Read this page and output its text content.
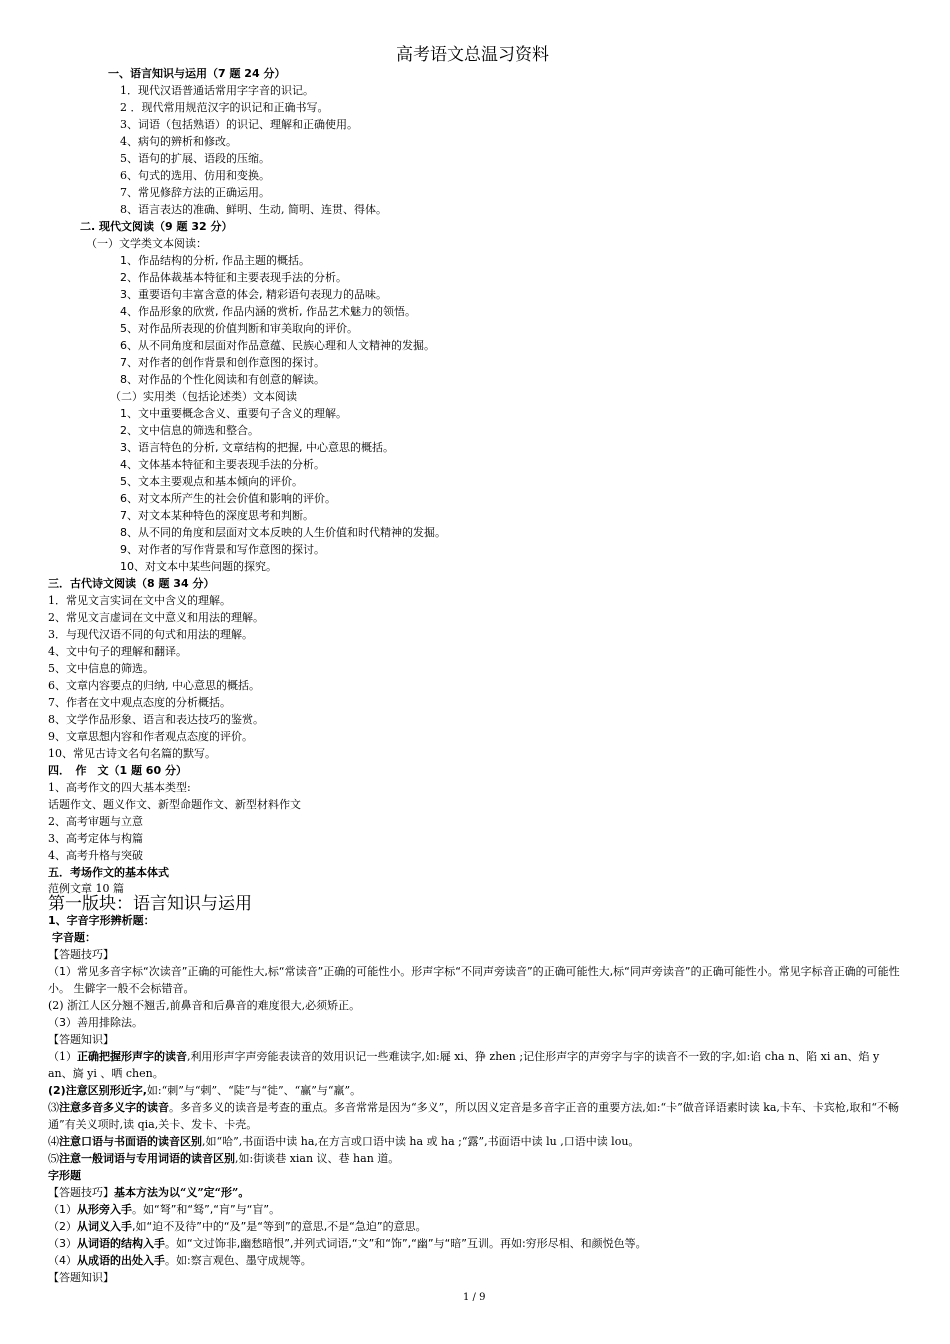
高考语文总温习资料
一、语言知识与运用（7 题 24 分）
1．现代汉语普通话常用字字音的识记。
2 ．现代常用规范汉字的识记和正确书写。
3、词语（包括熟语）的识记、理解和正确使用。
4、病句的辨析和修改。
5、语句的扩展、语段的压缩。
6、句式的选用、仿用和变换。
7、常见修辞方法的正确运用。
8、语言表达的准确、鲜明、生动, 简明、连贯、得体。
二. 现代文阅读（9 题 32 分）
（一）文学类文本阅读：
1、作品结构的分析, 作品主题的概括。
2、作品体裁基本特征和主要表现手法的分析。
3、重要语句丰富含意的体会, 精彩语句表现力的品味。
4、作品形象的欣赏, 作品内涵的赏析, 作品艺术魅力的领悟。
5、对作品所表现的价值判断和审美取向的评价。
6、从不同角度和层面对作品意蕴、民族心理和人文精神的发掘。
7、对作者的创作背景和创作意图的探讨。
8、对作品的个性化阅读和有创意的解读。
（二）实用类（包括论述类）文本阅读
1、文中重要概念含义、重要句子含义的理解。
2、文中信息的筛选和整合。
3、语言特色的分析, 文章结构的把握, 中心意思的概括。
4、文体基本特征和主要表现手法的分析。
5、文本主要观点和基本倾向的评价。
6、对文本所产生的社会价值和影响的评价。
7、对文本某种特色的深度思考和判断。
8、从不同的角度和层面对文本反映的人生价值和时代精神的发掘。
9、对作者的写作背景和写作意图的探讨。
10、对文本中某些问题的探究。
三．古代诗文阅读（8 题 34 分）
1．常见文言实词在文中含义的理解。
2、常见文言虚词在文中意义和用法的理解。
3．与现代汉语不同的句式和用法的理解。
4、文中句子的理解和翻译。
5、文中信息的筛选。
6、文章内容要点的归纳, 中心意思的概括。
7、作者在文中观点态度的分析概括。
8、文学作品形象、语言和表达技巧的鉴赏。
9、文章思想内容和作者观点态度的评价。
10、常见古诗文名句名篇的默写。
四．　作　文（1 题 60 分）
1、高考作文的四大基本类型:
话题作文、题义作文、新型命题作文、新型材料作文
2、高考审题与立意
3、高考定体与构篇
4、高考升格与突破
五．考场作文的基本体式
范例文章 10 篇
第一版块：语言知识与运用
1、字音字形辨析题：
字音题：
【答题技巧】
（1）常见多音字标“次读音”正确的可能性大,标“常读音”正确的可能性小。形声字标“不同声旁读音”的正确可能性大,标“同声旁读音”的正确可能性小。常见字标音正确的可能性小。 生僻字一般不会标错音。
(2) 浙江人区分翘不翘舌,前鼻音和后鼻音的难度很大,必须矫正。
（3）善用排除法。
【答题知识】
（1）正确把握形声字的读音,利用形声字声旁能表读音的效用识记一些难读字,如:屣 xi、狰 zhen ;记住形声字的声旁字与字的读音不一致的字,如:谄 cha n、陷 xi an、焰 y an、旖 yi 、哂 chen。
(2)注意区别形近字,如:“刺”与“剌”、“陡”与“徙”、“赢”与“羸”。
⑶注意多音多义字的读音。多音多义的读音是考查的重点。多音常常是因为“多义”，所以因义定音是多音字正音的重要方法,如:“卡”做音译语素时读 ka,卡车、卡宾枪,取和“不畅通”有关义项时,读 qia,关卡、发卡、卡壳。
⑷注意口语与书面语的读音区别,如“哈”,书面语中读 ha,在方言或口语中读 ha 或 ha ;“露”,书面语中读 lu ,口语中读 lou。
⑸注意一般词语与专用词语的读音区别,如:街谈巷 xian 议、巷 han 道。
字形题
【答题技巧】基本方法为以“义”定“形”。
（1）从形旁入手。如“弩”和“驽”,“肓”与“盲”。
（2）从词义入手,如“迫不及待”中的“及”是“等到”的意思,不是“急迫”的意思。
（3）从词语的结构入手。如“文过饰非,幽愁暗恨”,并列式词语,“文”和“饰”,“幽”与“暗”互训。再如:穷形尽相、和颜悦色等。
（4）从成语的出处入手。如:察言观色、墨守成规等。
【答题知识】
1 / 9
